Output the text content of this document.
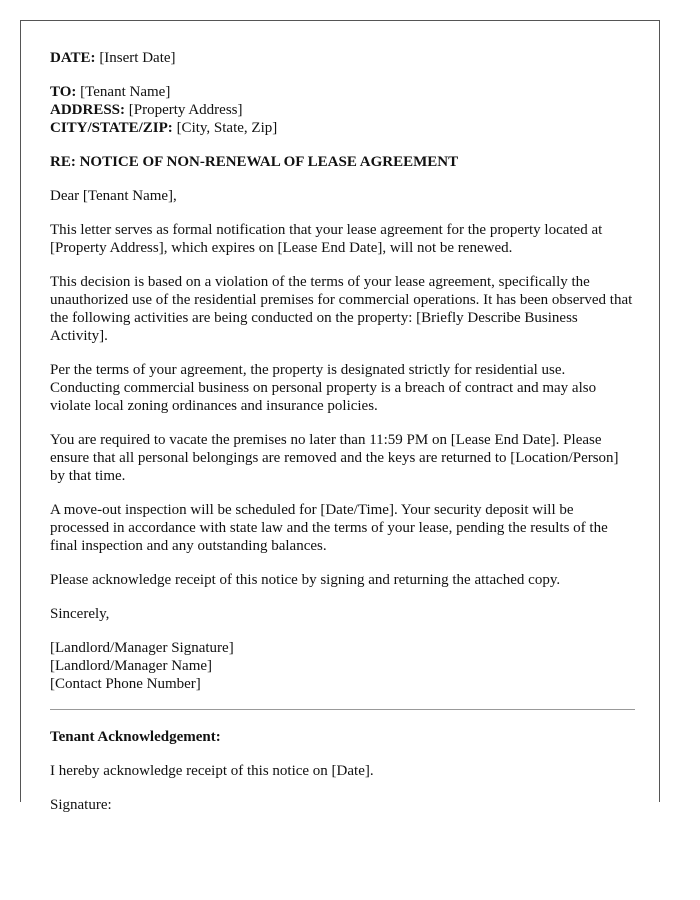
DATE: [Insert Date]
TO: [Tenant Name]
ADDRESS: [Property Address]
CITY/STATE/ZIP: [City, State, Zip]
RE: NOTICE OF NON-RENEWAL OF LEASE AGREEMENT

Dear [Tenant Name],

This letter serves as formal notification that your lease agreement for the property located at [Property Address], which expires on [Lease End Date], will not be renewed.

This decision is based on a violation of the terms of your lease agreement, specifically the unauthorized use of the residential premises for commercial operations. It has been observed that the following activities are being conducted on the property: [Briefly Describe Business Activity].

Per the terms of your agreement, the property is designated strictly for residential use. Conducting commercial business on personal property is a breach of contract and may also violate local zoning ordinances and insurance policies.

You are required to vacate the premises no later than 11:59 PM on [Lease End Date]. Please ensure that all personal belongings are removed and the keys are returned to [Location/Person] by that time.

A move-out inspection will be scheduled for [Date/Time]. Your security deposit will be processed in accordance with state law and the terms of your lease, pending the results of the final inspection and any outstanding balances.

Please acknowledge receipt of this notice by signing and returning the attached copy.

Sincerely,

[Landlord/Manager Signature]
[Landlord/Manager Name]
[Contact Phone Number]
Tenant Acknowledgement:

I hereby acknowledge receipt of this notice on [Date].

Signature:
